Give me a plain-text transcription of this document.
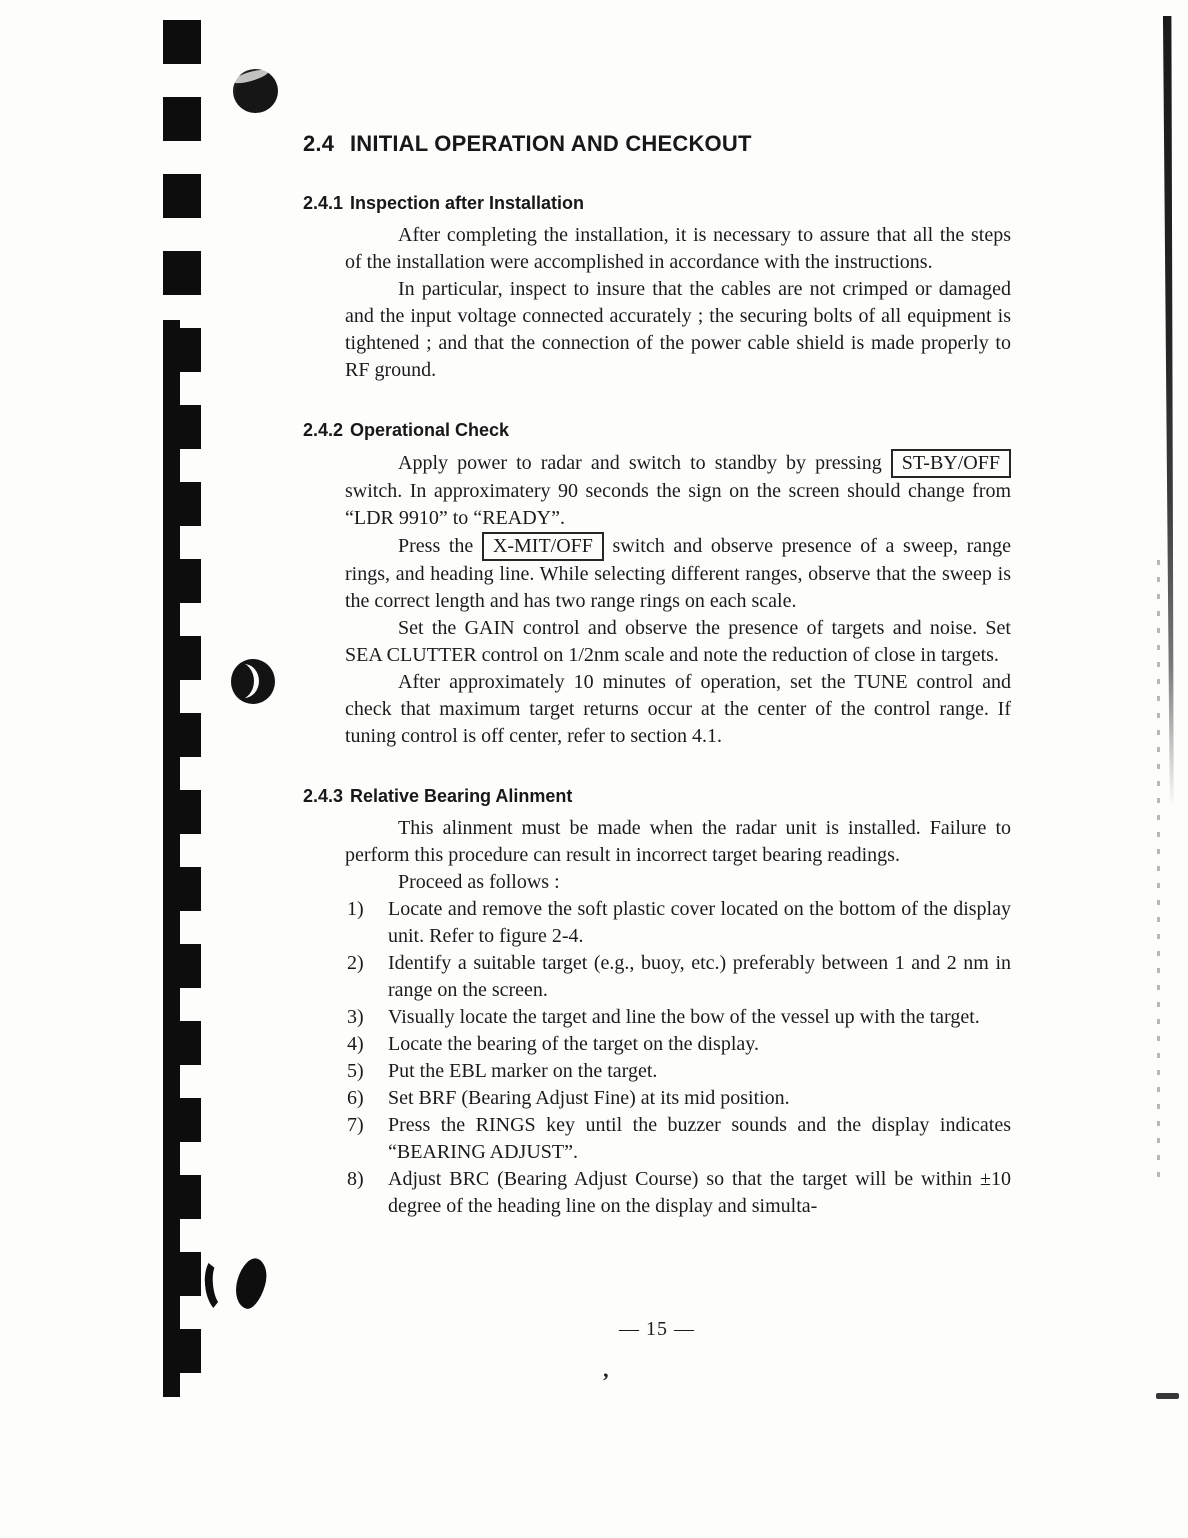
’
2.4 INITIAL OPERATION AND CHECKOUT
2.4.1 Inspection after Installation

After completing the installation, it is necessary to assure that all the steps of the installation were accomplished in accordance with the instructions.

In particular, inspect to insure that the cables are not crimped or damaged and the input voltage connected accurately ; the securing bolts of all equipment is tightened ; and that the connection of the power cable shield is made properly to RF ground.

2.4.2 Operational Check

Apply power to radar and switch to standby by pressing ST-BY/OFF switch. In approximatery 90 seconds the sign on the screen should change from “LDR 9910” to “READY”.

Press the X-MIT/OFF switch and observe presence of a sweep, range rings, and heading line. While selecting different ranges, observe that the sweep is the correct length and has two range rings on each scale.

Set the GAIN control and observe the presence of targets and noise. Set SEA CLUTTER control on 1/2nm scale and note the reduction of close in targets.

After approximately 10 minutes of operation, set the TUNE control and check that maximum target returns occur at the center of the control range. If tuning control is off center, refer to section 4.1.

2.4.3 Relative Bearing Alinment

This alinment must be made when the radar unit is installed. Failure to perform this procedure can result in incorrect target bearing readings.

Proceed as follows :

1)	Locate and remove the soft plastic cover located on the bottom of the display unit. Refer to figure 2-4.
2)	Identify a suitable target (e.g., buoy, etc.) preferably between 1 and 2 nm in range on the screen.
3)	Visually locate the target and line the bow of the vessel up with the target.
4)	Locate the bearing of the target on the display.
5)	Put the EBL marker on the target.
6)	Set BRF (Bearing Adjust Fine) at its mid position.
7)	Press the RINGS key until the buzzer sounds and the display indicates “BEARING ADJUST”.
8)	Adjust BRC (Bearing Adjust Course) so that the target will be within ±10 degree of the heading line on the display and simulta-
— 15 —
